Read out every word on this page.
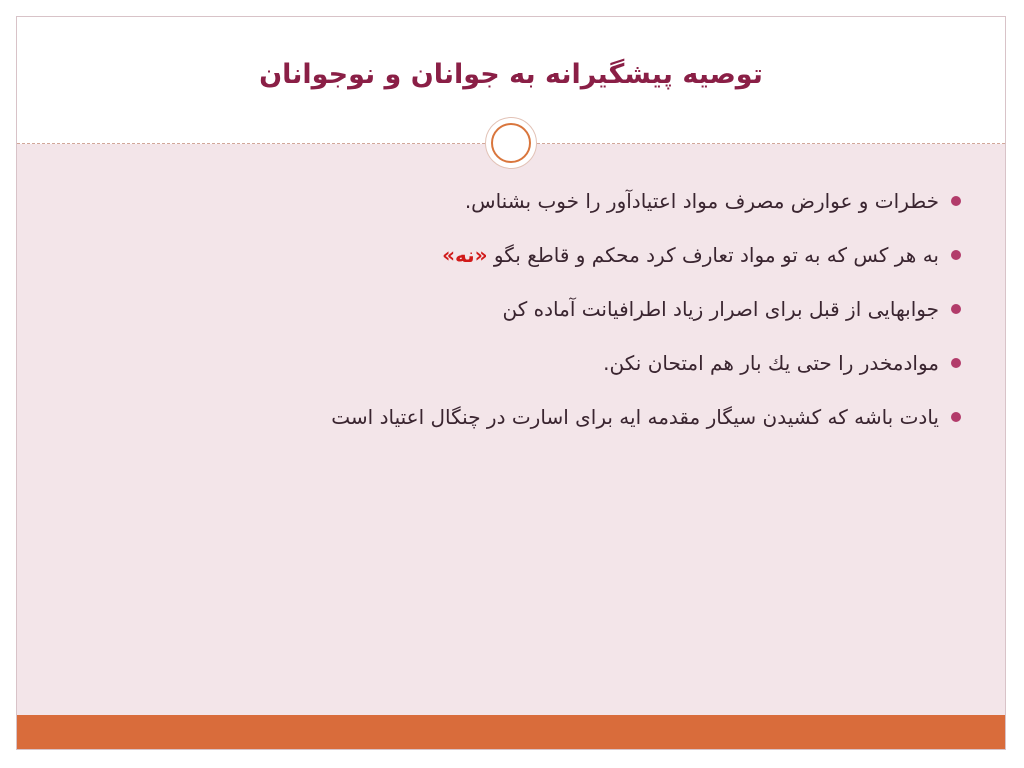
توصیه پیشگیرانه به جوانان و نوجوانان
خطرات و عوارض مصرف مواد اعتیادآور را خوب بشناس.
به هر کس که به تو مواد تعارف کرد محکم و قاطع بگو «نه»
جوابهایی از قبل برای اصرار زیاد اطرافیانت آماده کن
موادمخدر را حتی یك بار هم امتحان نكن.
یادت باشه که کشیدن سیگار مقدمه ایه برای اسارت در چنگال اعتیاد است
